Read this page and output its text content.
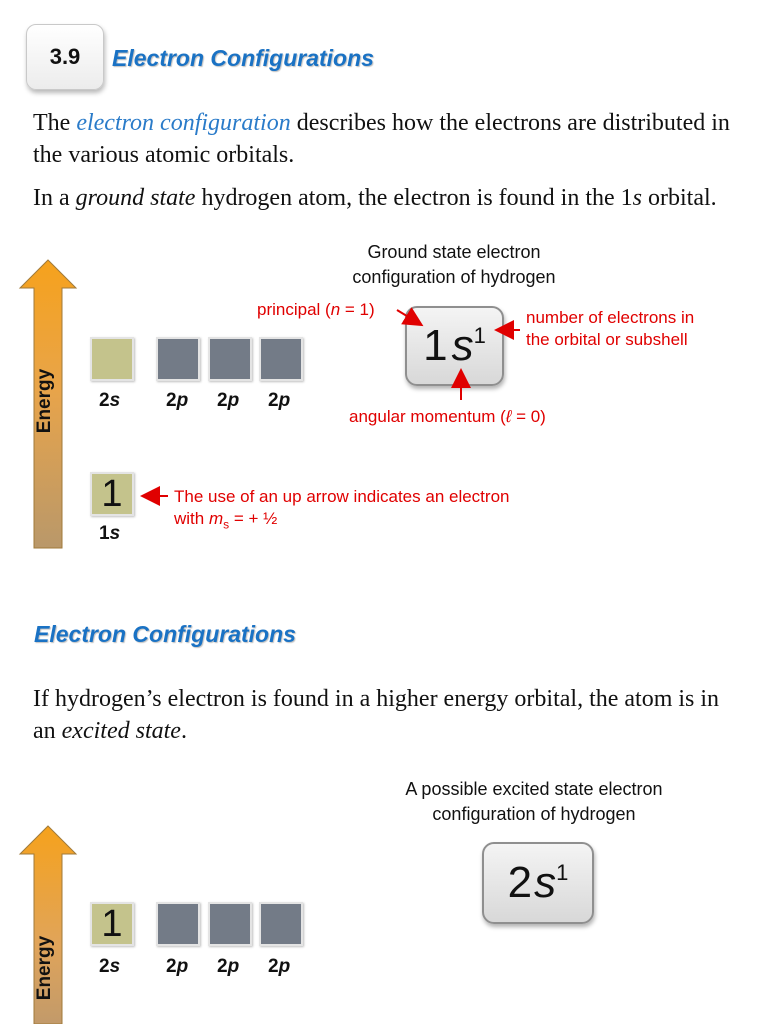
3.9 Electron Configurations
The electron configuration describes how the electrons are distributed in the various atomic orbitals.
In a ground state hydrogen atom, the electron is found in the 1s orbital.
Ground state electron
configuration of hydrogen
Energy 2s 2p 2p 2p
1
1s
1 $s^1$
principal (n = 1)	number of electrons in
the orbital or subshell
angular momentum (ℓ = 0)
The use of an up arrow indicates an electron
with $m_s$ = + ½
Electron Configurations
If hydrogen’s electron is found in a higher energy orbital, the atom is in an excited state.
A possible excited state electron
configuration of hydrogen
Energy
1
2s 2p 2p 2p
2 $s^1$
